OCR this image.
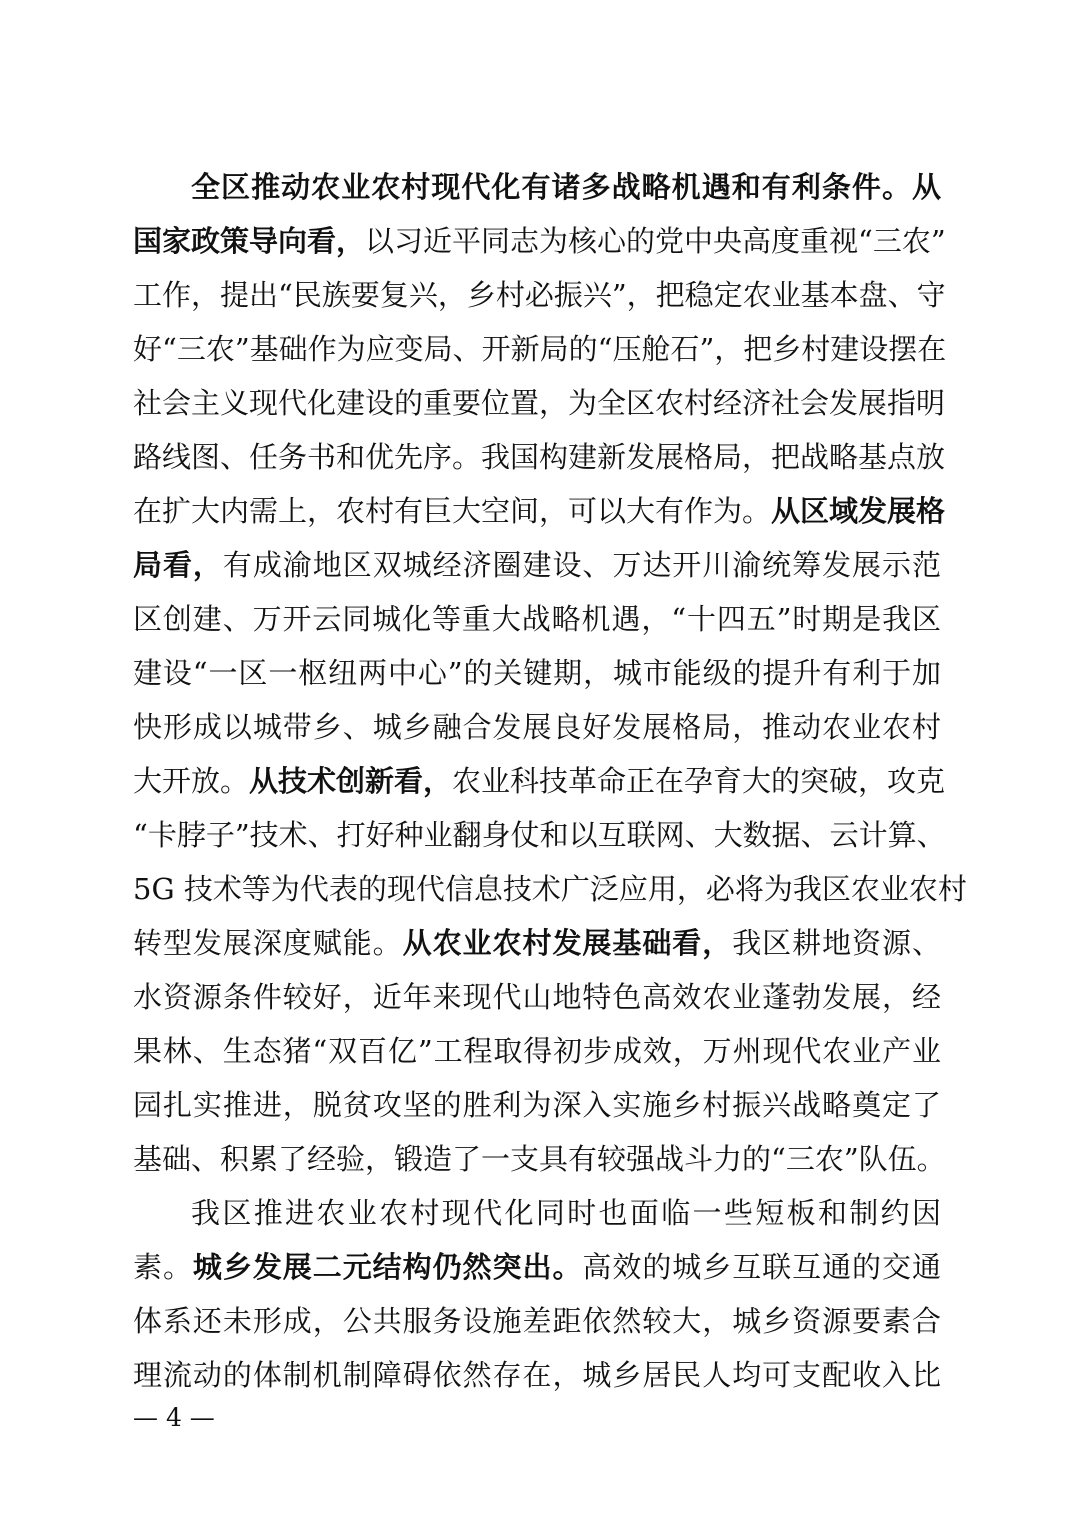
全区推动农业农村现代化有诸多战略机遇和有利条件。从
国家政策导向看，以习近平同志为核心的党中央高度重视“三农”
工作，提出“民族要复兴，乡村必振兴”，把稳定农业基本盘、守
好“三农”基础作为应变局、开新局的“压舱石”，把乡村建设摆在
社会主义现代化建设的重要位置，为全区农村经济社会发展指明
路线图、任务书和优先序。我国构建新发展格局，把战略基点放
在扩大内需上，农村有巨大空间，可以大有作为。从区域发展格
局看，有成渝地区双城经济圈建设、万达开川渝统筹发展示范
区创建、万开云同城化等重大战略机遇，“十四五”时期是我区
建设“一区一枢纽两中心”的关键期，城市能级的提升有利于加
快形成以城带乡、城乡融合发展良好发展格局，推动农业农村
大开放。从技术创新看，农业科技革命正在孕育大的突破，攻克
“卡脖子”技术、打好种业翻身仗和以互联网、大数据、云计算、
5G 技术等为代表的现代信息技术广泛应用，必将为我区农业农村
转型发展深度赋能。从农业农村发展基础看，我区耕地资源、
水资源条件较好，近年来现代山地特色高效农业蓬勃发展，经
果林、生态猪“双百亿”工程取得初步成效，万州现代农业产业
园扎实推进，脱贫攻坚的胜利为深入实施乡村振兴战略奠定了
基础、积累了经验，锻造了一支具有较强战斗力的“三农”队伍。
我区推进农业农村现代化同时也面临一些短板和制约因
素。城乡发展二元结构仍然突出。高效的城乡互联互通的交通
体系还未形成，公共服务设施差距依然较大，城乡资源要素合
理流动的体制机制障碍依然存在，城乡居民人均可支配收入比
— 4 —
